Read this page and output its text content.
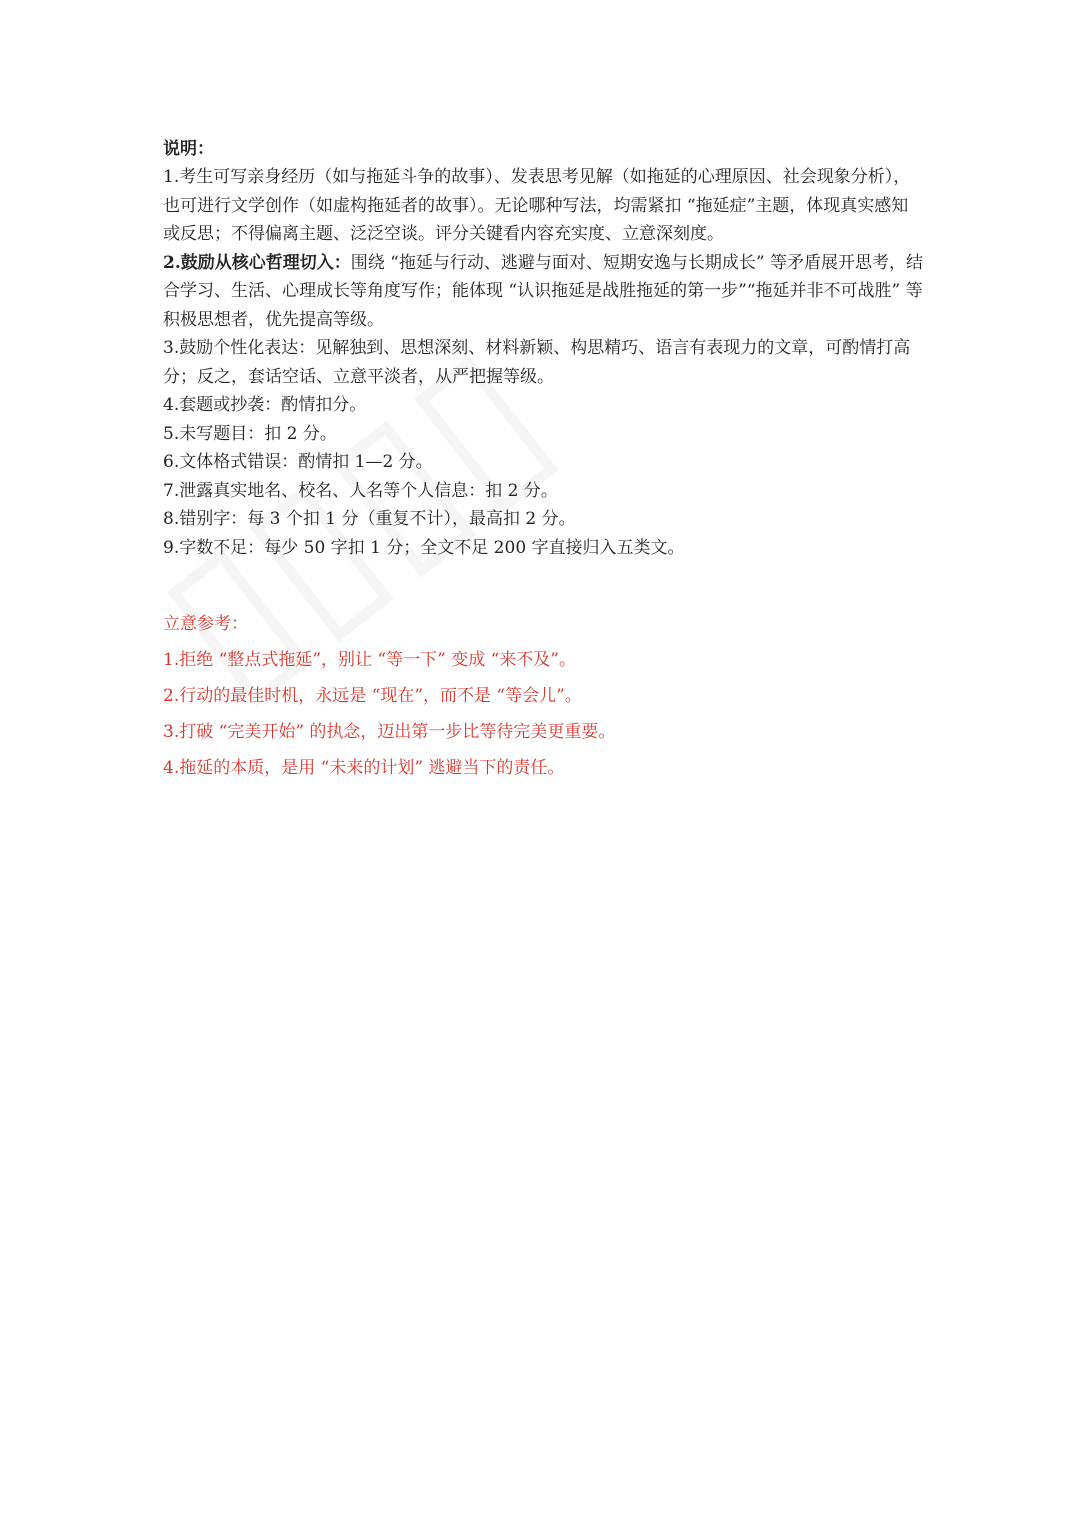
说明：

1.考生可写亲身经历（如与拖延斗争的故事）、发表思考见解（如拖延的心理原因、社会现象分析），也可进行文学创作（如虚构拖延者的故事）。无论哪种写法，均需紧扣 “拖延症”主题，体现真实感知或反思；不得偏离主题、泛泛空谈。评分关键看内容充实度、立意深刻度。

2.鼓励从核心哲理切入：围绕 “拖延与行动、逃避与面对、短期安逸与长期成长” 等矛盾展开思考，结合学习、生活、心理成长等角度写作；能体现 “认识拖延是战胜拖延的第一步”“拖延并非不可战胜” 等积极思想者，优先提高等级。

3.鼓励个性化表达：见解独到、思想深刻、材料新颖、构思精巧、语言有表现力的文章，可酌情打高分；反之，套话空话、立意平淡者，从严把握等级。

4.套题或抄袭：酌情扣分。

5.未写题目：扣 2 分。

6.文体格式错误：酌情扣 1—2 分。

7.泄露真实地名、校名、人名等个人信息：扣 2 分。

8.错别字：每 3 个扣 1 分（重复不计），最高扣 2 分。

9.字数不足：每少 50 字扣 1 分；全文不足 200 字直接归入五类文。

立意参考：

1.拒绝 “整点式拖延”，别让 “等一下” 变成 “来不及”。

2.行动的最佳时机，永远是 “现在”，而不是 “等会儿”。

3.打破 “完美开始” 的执念，迈出第一步比等待完美更重要。

4.拖延的本质，是用 “未来的计划” 逃避当下的责任。
